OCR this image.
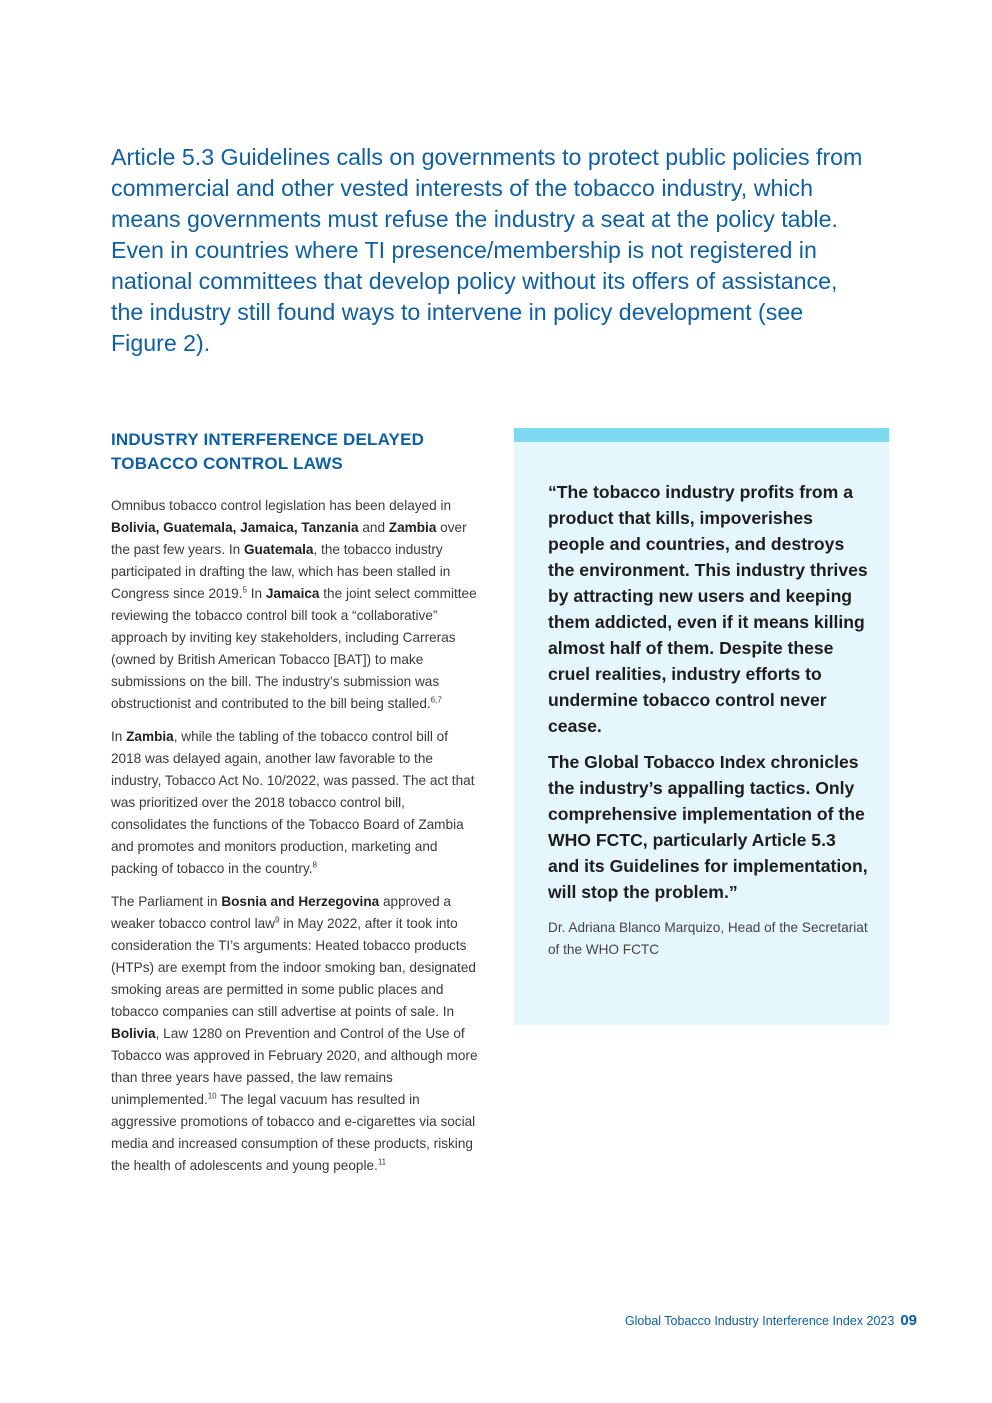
Article 5.3 Guidelines calls on governments to protect public policies from commercial and other vested interests of the tobacco industry, which means governments must refuse the industry a seat at the policy table. Even in countries where TI presence/membership is not registered in national committees that develop policy without its offers of assistance, the industry still found ways to intervene in policy development (see Figure 2).

INDUSTRY INTERFERENCE DELAYED
TOBACCO CONTROL LAWS

Omnibus tobacco control legislation has been delayed in Bolivia, Guatemala, Jamaica, Tanzania and Zambia over the past few years. In Guatemala, the tobacco industry participated in drafting the law, which has been stalled in Congress since 2019.$^5$ In Jamaica the joint select committee reviewing the tobacco control bill took a “collaborative” approach by inviting key stakeholders, including Carreras (owned by British American Tobacco [BAT]) to make submissions on the bill. The industry’s submission was obstructionist and contributed to the bill being stalled.$^{6,7}$

In Zambia, while the tabling of the tobacco control bill of 2018 was delayed again, another law favorable to the industry, Tobacco Act No. 10/2022, was passed. The act that was prioritized over the 2018 tobacco control bill, consolidates the functions of the Tobacco Board of Zambia and promotes and monitors production, marketing and packing of tobacco in the country.$^8$

The Parliament in Bosnia and Herzegovina approved a weaker tobacco control law$^9$ in May 2022, after it took into consideration the TI’s arguments: Heated tobacco products (HTPs) are exempt from the indoor smoking ban, designated smoking areas are permitted in some public places and tobacco companies can still advertise at points of sale. In Bolivia, Law 1280 on Prevention and Control of the Use of Tobacco was approved in February 2020, and although more than three years have passed, the law remains unimplemented.$^{10}$ The legal vacuum has resulted in aggressive promotions of tobacco and e-cigarettes via social media and increased consumption of these products, risking the health of adolescents and young people.$^{11}$

“The tobacco industry profits from a product that kills, impoverishes people and countries, and destroys the environment. This industry thrives by attracting new users and keeping them addicted, even if it means killing almost half of them. Despite these cruel realities, industry efforts to undermine tobacco control never cease.

The Global Tobacco Index chronicles the industry’s appalling tactics. Only comprehensive implementation of the WHO FCTC, particularly Article 5.3 and its Guidelines for implementation, will stop the problem.”

Dr. Adriana Blanco Marquizo, Head of the Secretariat of the WHO FCTC

Global Tobacco Industry Interference Index 2023 09
